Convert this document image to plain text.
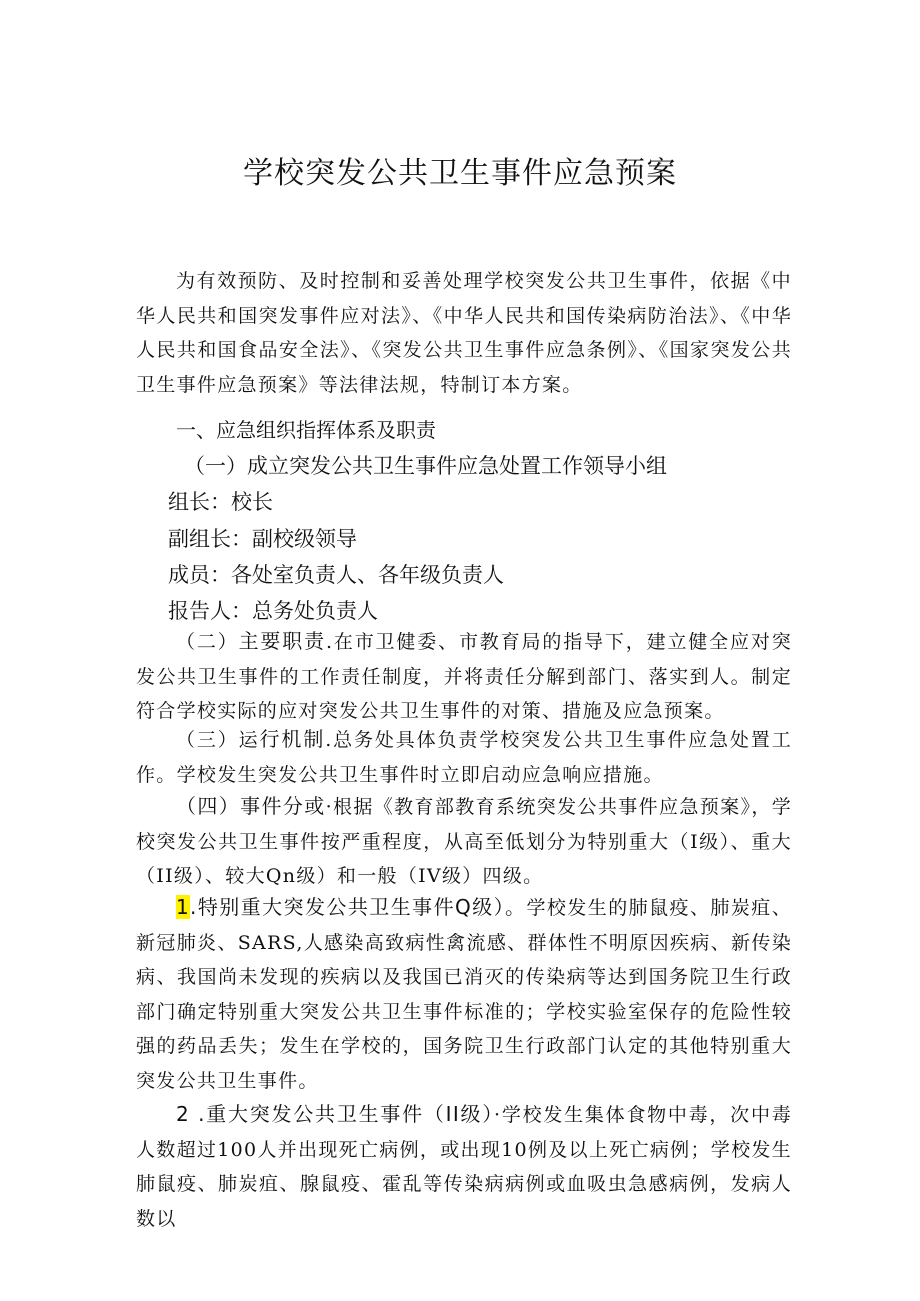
学校突发公共卫生事件应急预案

为有效预防、及时控制和妥善处理学校突发公共卫生事件，依据《中华人民共和国突发事件应对法》、《中华人民共和国传染病防治法》、《中华人民共和国食品安全法》、《突发公共卫生事件应急条例》、《国家突发公共卫生事件应急预案》等法律法规，特制订本方案。

一、应急组织指挥体系及职责
（一）成立突发公共卫生事件应急处置工作领导小组
组长：校长
副组长：副校级领导
成员：各处室负责人、各年级负责人
报告人：总务处负责人

（二）主要职责.在市卫健委、市教育局的指导下，建立健全应对突发公共卫生事件的工作责任制度，并将责任分解到部门、落实到人。制定符合学校实际的应对突发公共卫生事件的对策、措施及应急预案。

（三）运行机制.总务处具体负责学校突发公共卫生事件应急处置工作。学校发生突发公共卫生事件时立即启动应急响应措施。

（四）事件分或·根据《教育部教育系统突发公共事件应急预案》，学校突发公共卫生事件按严重程度，从高至低划分为特别重大（I级）、重大（II级）、较大Qn级）和一般（IV级）四级。

1.特别重大突发公共卫生事件Q级）。学校发生的肺鼠疫、肺炭疽、新冠肺炎、SARS,人感染高致病性禽流感、群体性不明原因疾病、新传染病、我国尚未发现的疾病以及我国已消灭的传染病等达到国务院卫生行政部门确定特别重大突发公共卫生事件标准的；学校实验室保存的危险性较强的药品丢失；发生在学校的，国务院卫生行政部门认定的其他特别重大突发公共卫生事件。

2 .重大突发公共卫生事件（II级）·学校发生集体食物中毒，次中毒人数超过100人并出现死亡病例，或出现10例及以上死亡病例；学校发生肺鼠疫、肺炭疽、腺鼠疫、霍乱等传染病病例或血吸虫急感病例，发病人数以
